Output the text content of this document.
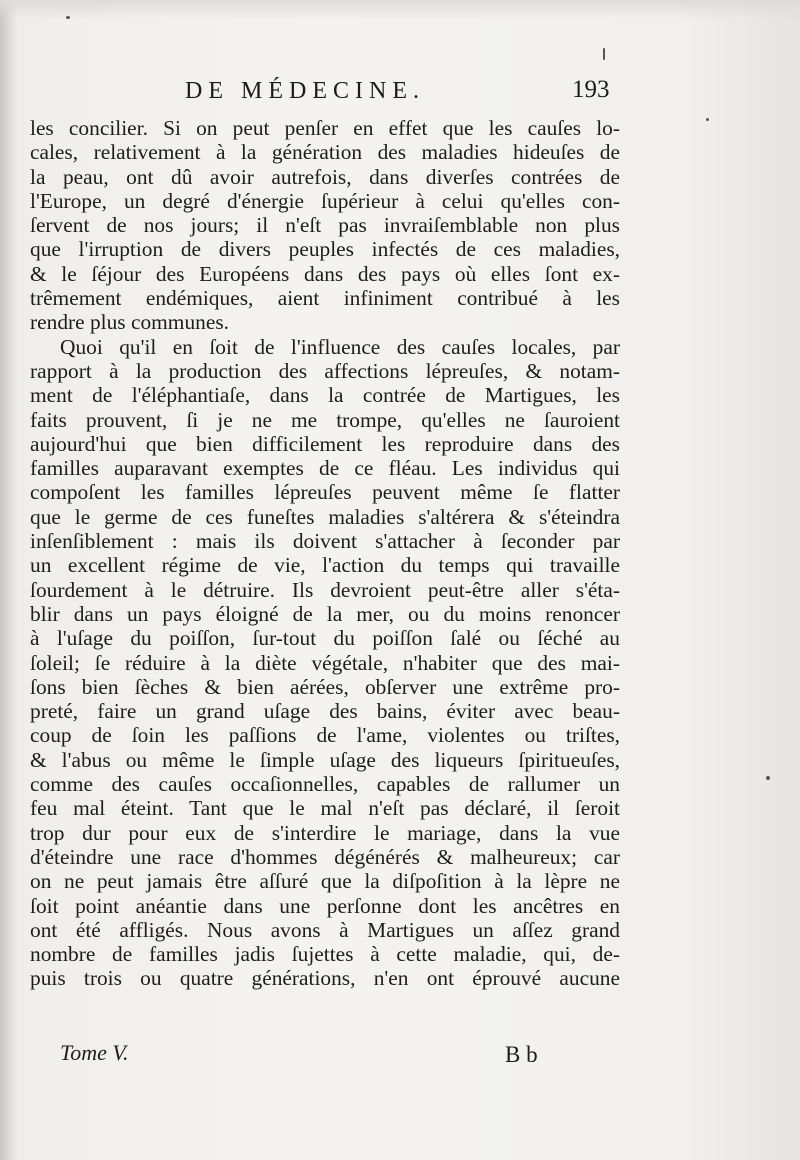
DE MÉDECINE.	193
les concilier. Si on peut penſer en effet que les cauſes lo-
cales, relativement à la génération des maladies hideuſes de
la peau, ont dû avoir autrefois, dans diverſes contrées de
l'Europe, un degré d'énergie ſupérieur à celui qu'elles con-
ſervent de nos jours; il n'eſt pas invraiſemblable non plus
que l'irruption de divers peuples infectés de ces maladies,
& le ſéjour des Européens dans des pays où elles ſont ex-
trêmement endémiques, aient infiniment contribué à les
rendre plus communes.
Quoi qu'il en ſoit de l'influence des cauſes locales, par
rapport à la production des affections lépreuſes, & notam-
ment de l'éléphantiaſe, dans la contrée de Martigues, les
faits prouvent, ſi je ne me trompe, qu'elles ne ſauroient
aujourd'hui que bien difficilement les reproduire dans des
familles auparavant exemptes de ce fléau. Les individus qui
compoſent les familles lépreuſes peuvent même ſe flatter
que le germe de ces funeſtes maladies s'altérera & s'éteindra
inſenſiblement : mais ils doivent s'attacher à ſeconder par
un excellent régime de vie, l'action du temps qui travaille
ſourdement à le détruire. Ils devroient peut-être aller s'éta-
blir dans un pays éloigné de la mer, ou du moins renoncer
à l'uſage du poiſſon, ſur-tout du poiſſon ſalé ou ſéché au
ſoleil; ſe réduire à la diète végétale, n'habiter que des mai-
ſons bien ſèches & bien aérées, obſerver une extrême pro-
preté, faire un grand uſage des bains, éviter avec beau-
coup de ſoin les paſſions de l'ame, violentes ou triſtes,
& l'abus ou même le ſimple uſage des liqueurs ſpiritueuſes,
comme des cauſes occaſionnelles, capables de rallumer un
feu mal éteint. Tant que le mal n'eſt pas déclaré, il ſeroit
trop dur pour eux de s'interdire le mariage, dans la vue
d'éteindre une race d'hommes dégénérés & malheureux; car
on ne peut jamais être aſſuré que la diſpoſition à la lèpre ne
ſoit point anéantie dans une perſonne dont les ancêtres en
ont été affligés. Nous avons à Martigues un aſſez grand
nombre de familles jadis ſujettes à cette maladie, qui, de-
puis trois ou quatre générations, n'en ont éprouvé aucune
Tome V.	B b
